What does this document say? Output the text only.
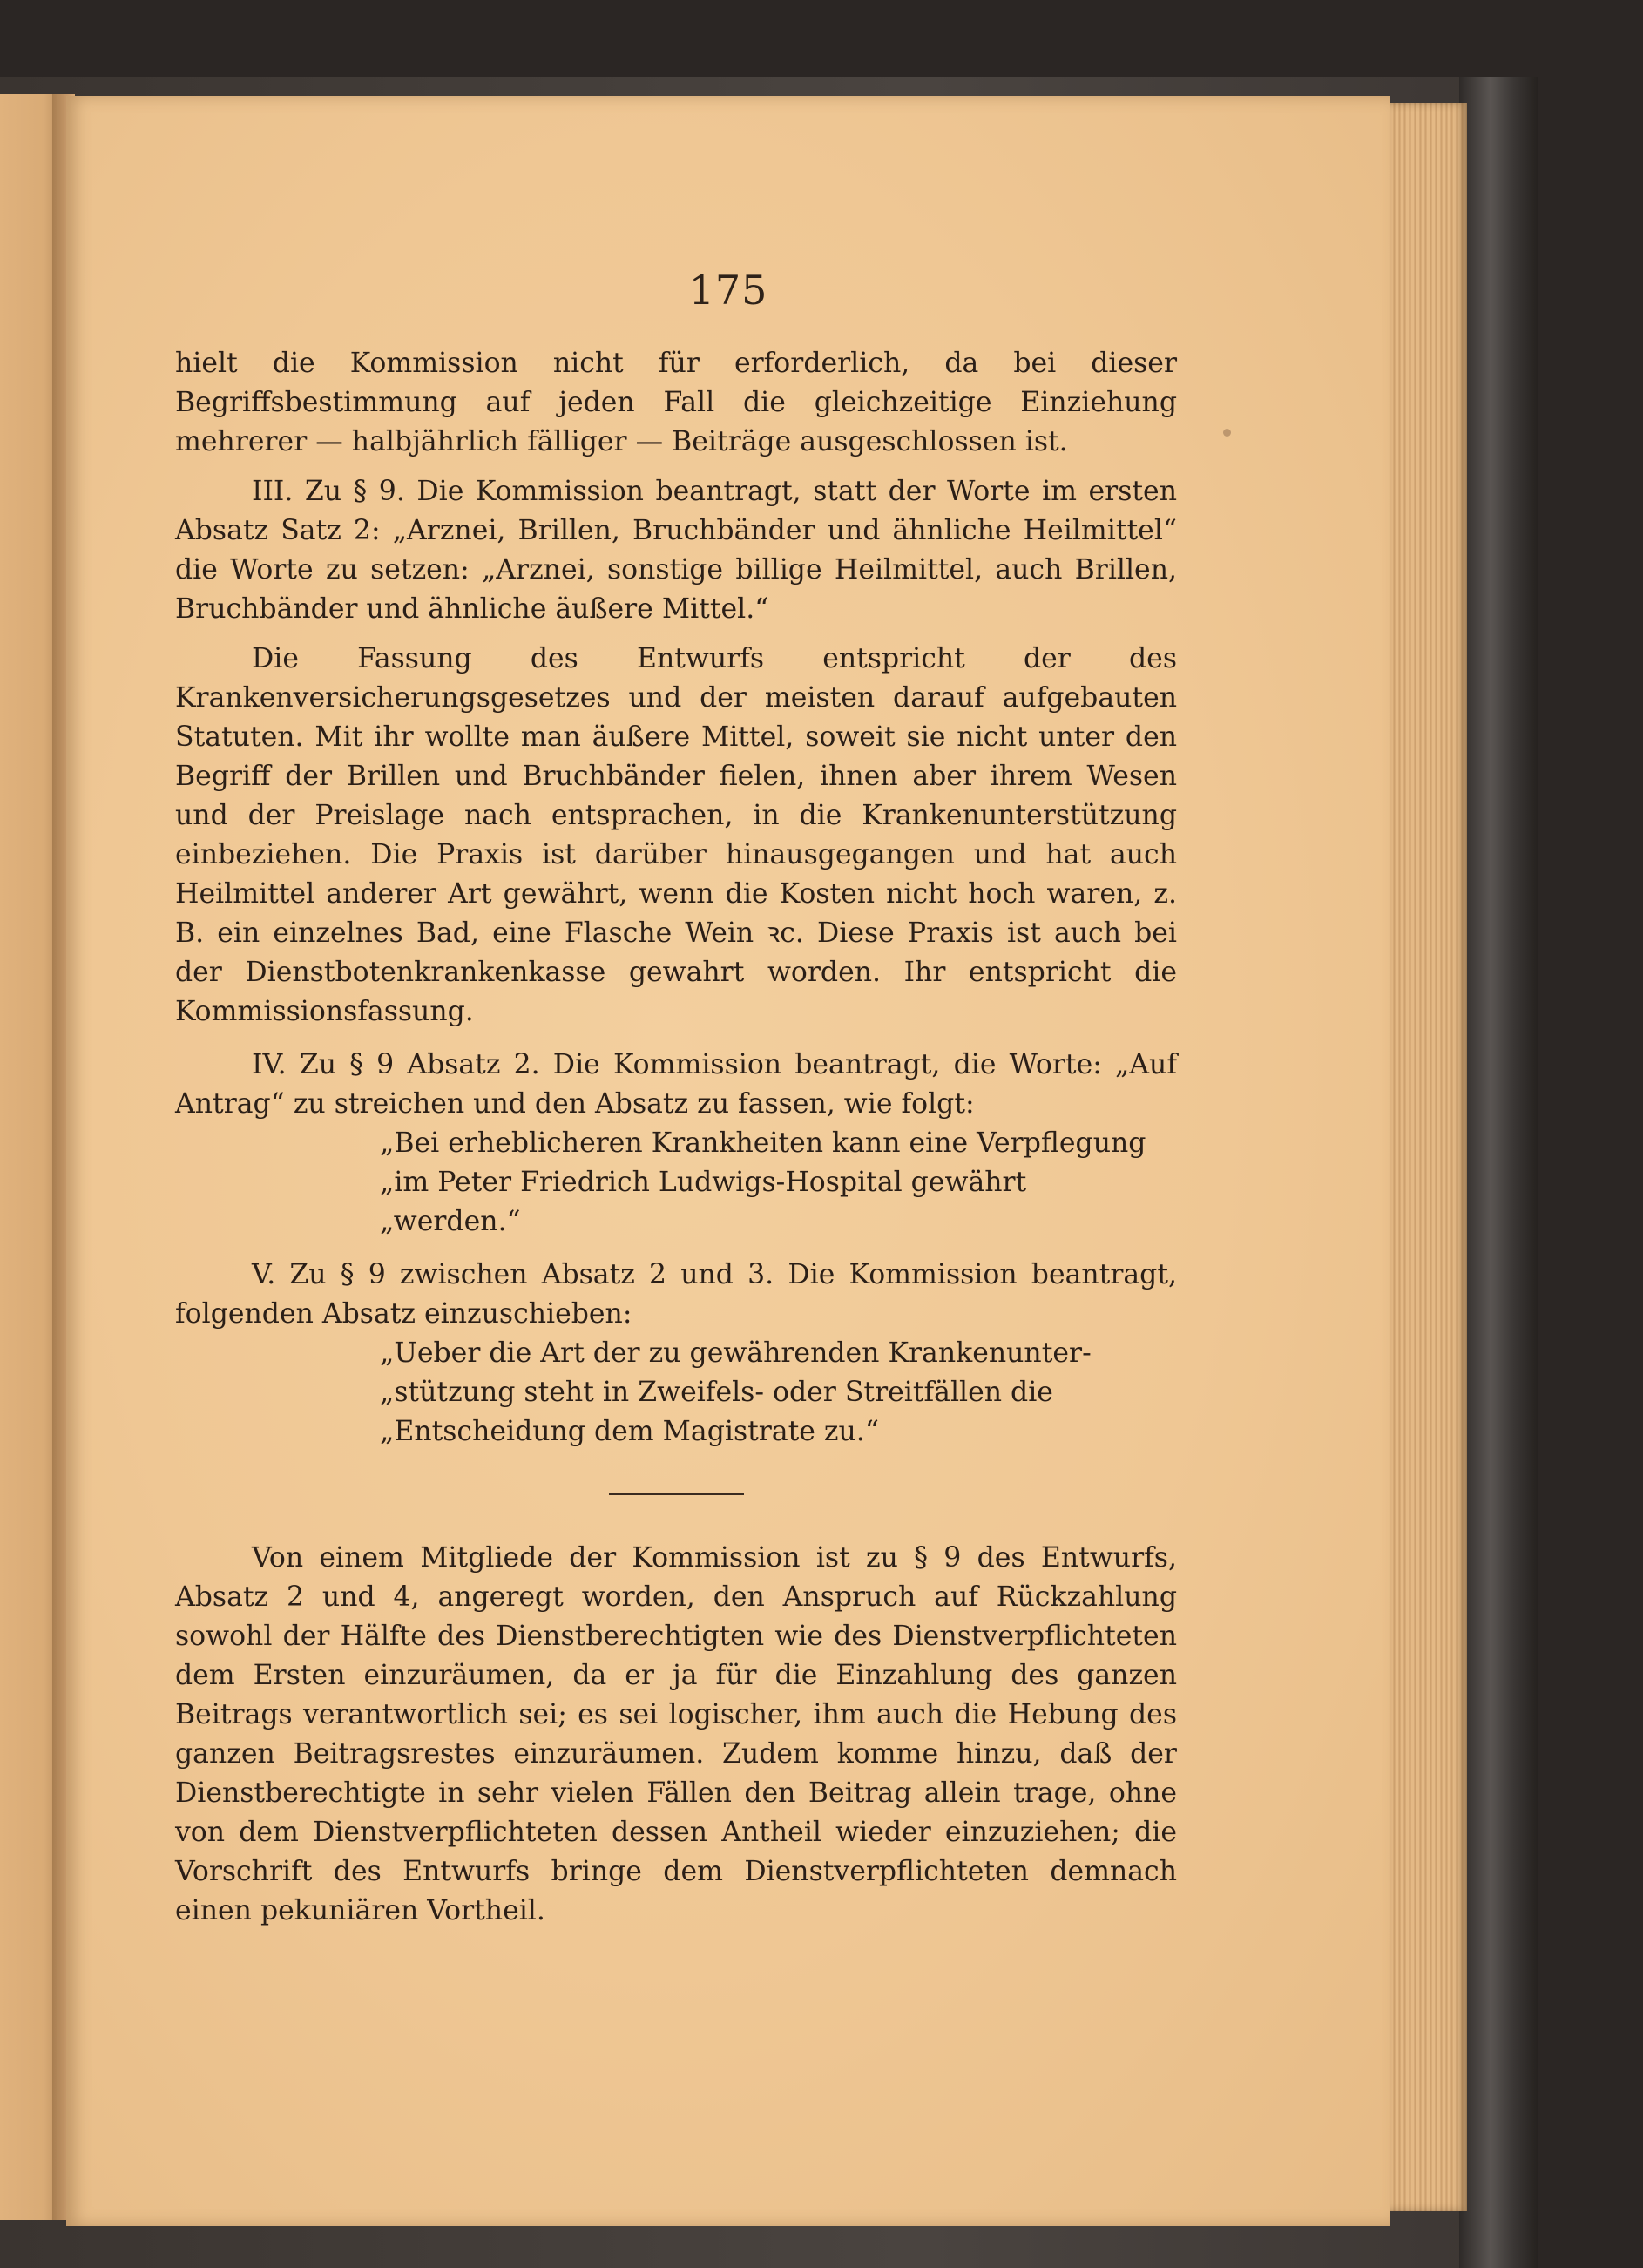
175

hielt die Kommission nicht für erforderlich, da bei dieser Begriffsbestimmung auf jeden Fall die gleichzeitige Einziehung mehrerer — halbjährlich fälliger — Beiträge ausgeschlossen ist.

III. Zu § 9. Die Kommission beantragt, statt der Worte im ersten Absatz Satz 2: „Arznei, Brillen, Bruchbänder und ähnliche Heilmittel“ die Worte zu setzen: „Arznei, sonstige billige Heilmittel, auch Brillen, Bruchbänder und ähnliche äußere Mittel.“

Die Fassung des Entwurfs entspricht der des Krankenversicherungsgesetzes und der meisten darauf aufgebauten Statuten. Mit ihr wollte man äußere Mittel, soweit sie nicht unter den Begriff der Brillen und Bruchbänder fielen, ihnen aber ihrem Wesen und der Preislage nach entsprachen, in die Krankenunterstützung einbeziehen. Die Praxis ist darüber hinausgegangen und hat auch Heilmittel anderer Art gewährt, wenn die Kosten nicht hoch waren, z. B. ein einzelnes Bad, eine Flasche Wein ꝛc. Diese Praxis ist auch bei der Dienstbotenkrankenkasse gewahrt worden. Ihr entspricht die Kommissionsfassung.

IV. Zu § 9 Absatz 2. Die Kommission beantragt, die Worte: „Auf Antrag“ zu streichen und den Absatz zu fassen, wie folgt:

„Bei erheblicheren Krankheiten kann eine Verpflegung

„im Peter Friedrich Ludwigs-Hospital gewährt

„werden.“

V. Zu § 9 zwischen Absatz 2 und 3. Die Kommission beantragt, folgenden Absatz einzuschieben:

„Ueber die Art der zu gewährenden Krankenunter-

„stützung steht in Zweifels- oder Streitfällen die

„Entscheidung dem Magistrate zu.“

Von einem Mitgliede der Kommission ist zu § 9 des Entwurfs, Absatz 2 und 4, angeregt worden, den Anspruch auf Rückzahlung sowohl der Hälfte des Dienstberechtigten wie des Dienstverpflichteten dem Ersten einzuräumen, da er ja für die Einzahlung des ganzen Beitrags verantwortlich sei; es sei logischer, ihm auch die Hebung des ganzen Beitragsrestes einzuräumen. Zudem komme hinzu, daß der Dienstberechtigte in sehr vielen Fällen den Beitrag allein trage, ohne von dem Dienstverpflichteten dessen Antheil wieder einzuziehen; die Vorschrift des Entwurfs bringe dem Dienstverpflichteten demnach einen pekuniären Vortheil.
